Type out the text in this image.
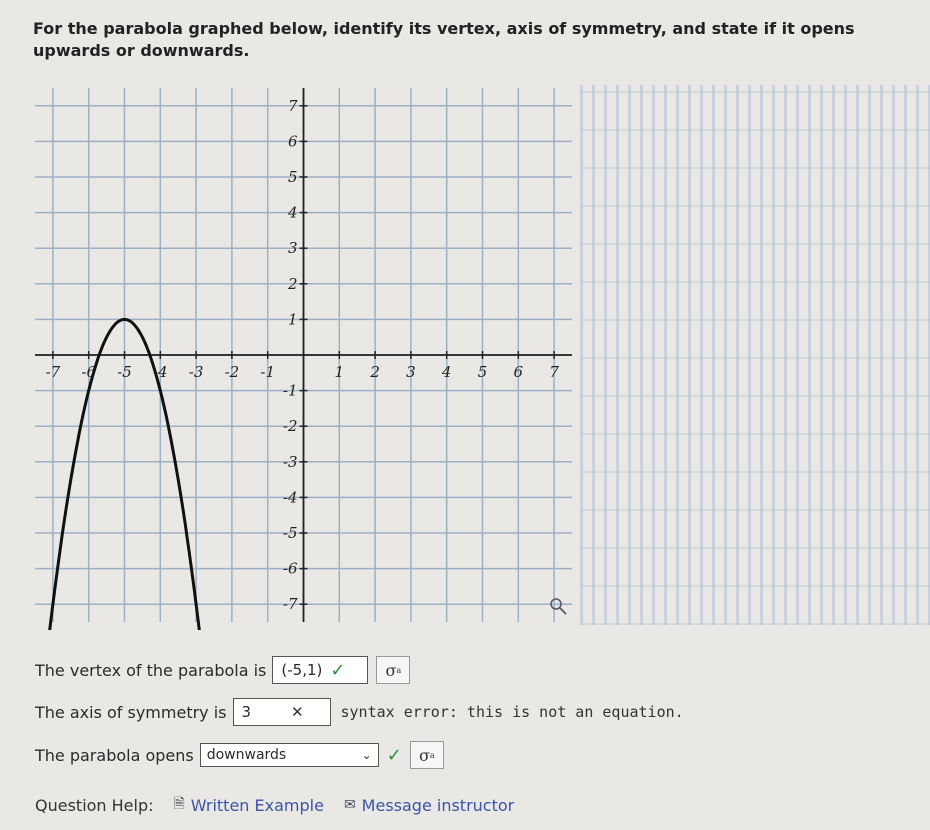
For the parabola graphed below, identify its vertex, axis of symmetry, and state if it opens upwards or downwards.
-7 -6 -5 -4 -3 -2 -1	1 2 3 4 5 6 7
7
6
5
4
3
2
1
-1
-2
-3
-4
-5
-6
-7
The vertex of the parabola is (-5,1) ✓	σ a
The axis of symmetry is 3	✕ syntax error: this is not an equation.
The parabola opens downwards	⌄ ✓	σ a
Question Help: 🗎 Written Example ✉ Message instructor
